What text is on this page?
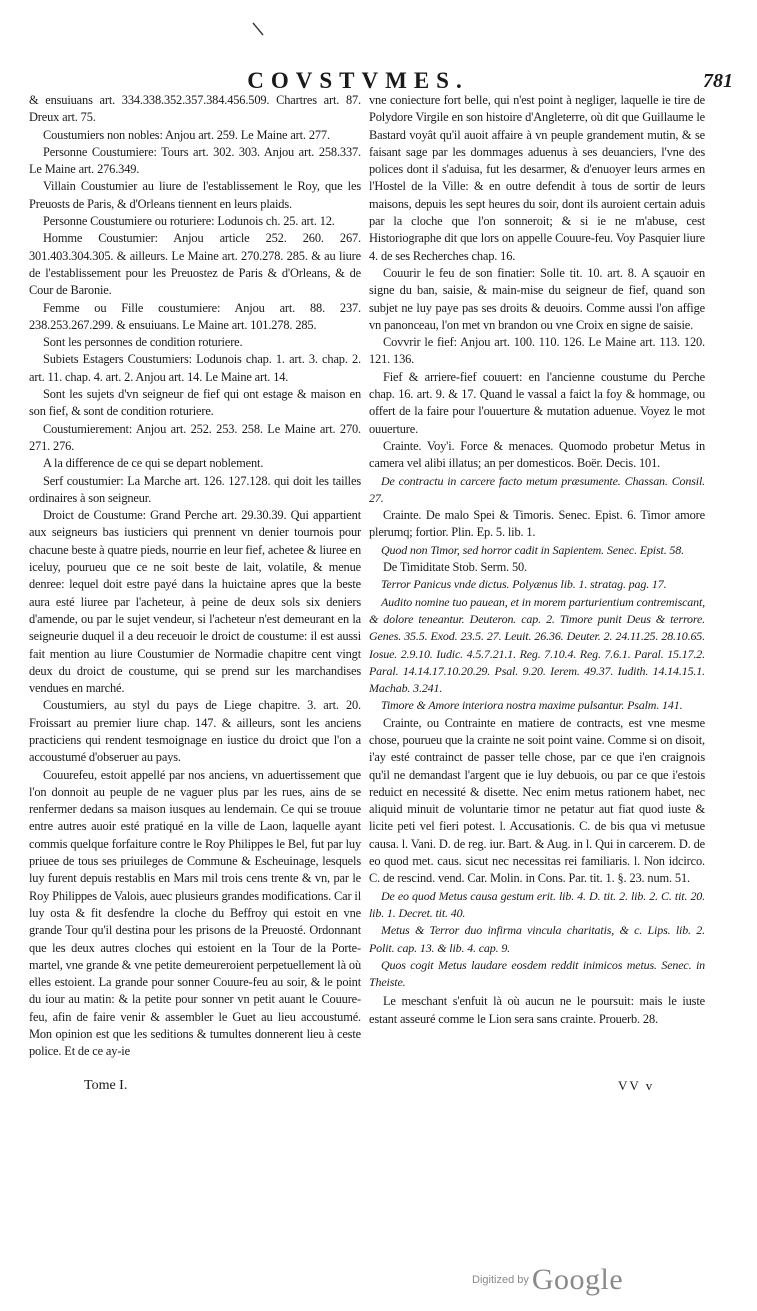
COVSTVMES.	781

& ensuiuans art. 334.338.352.357.384.456.509. Chartres art. 87. Dreux art. 75.

Coustumiers non nobles: Anjou art. 259. Le Maine art. 277.

Personne Coustumiere: Tours art. 302. 303. Anjou art. 258.337. Le Maine art. 276.349.

Villain Coustumier au liure de l'establissement le Roy, que les Preuosts de Paris, & d'Orleans tiennent en leurs plaids.

Personne Coustumiere ou roturiere: Lodunois ch. 25. art. 12.

Homme Coustumier: Anjou article 252. 260. 267. 301.403.304.305. & ailleurs. Le Maine art. 270.278. 285. & au liure de l'establissement pour les Preuostez de Paris & d'Orleans, & de Cour de Baronie.

Femme ou Fille coustumiere: Anjou art. 88. 237. 238.253.267.299. & ensuiuans. Le Maine art. 101.278. 285.

Sont les personnes de condition roturiere.

Subiets Estagers Coustumiers: Lodunois chap. 1. art. 3. chap. 2. art. 11. chap. 4. art. 2. Anjou art. 14. Le Maine art. 14.

Sont les sujets d'vn seigneur de fief qui ont estage & maison en son fief, & sont de condition roturiere.

Coustumierement: Anjou art. 252. 253. 258. Le Maine art. 270. 271. 276.

A la difference de ce qui se depart noblement.

Serf coustumier: La Marche art. 126. 127.128. qui doit les tailles ordinaires à son seigneur.

Droict de Coustume: Grand Perche art. 29.30.39. Qui appartient aux seigneurs bas iusticiers qui prennent vn denier tournois pour chacune beste à quatre pieds, nourrie en leur fief, achetee & liuree en iceluy, pourueu que ce ne soit beste de lait, volatile, & menue denree: lequel doit estre payé dans la huictaine apres que la beste aura esté liuree par l'acheteur, à peine de deux sols six deniers d'amende, ou par le sujet vendeur, si l'acheteur n'est demeurant en la seigneurie duquel il a deu receuoir le droict de coustume: il est aussi fait mention au liure Coustumier de Normadie chapitre cent vingt deux du droict de coustume, qui se prend sur les marchandises vendues en marché.

Coustumiers, au styl du pays de Liege chapitre. 3. art. 20. Froissart au premier liure chap. 147. & ailleurs, sont les anciens practiciens qui rendent tesmoignage en iustice du droict que l'on a accoustumé d'obseruer au pays.

Couurefeu, estoit appellé par nos anciens, vn aduertissement que l'on donnoit au peuple de ne vaguer plus par les rues, ains de se renfermer dedans sa maison iusques au lendemain. Ce qui se trouue entre autres auoir esté pratiqué en la ville de Laon, laquelle ayant commis quelque forfaiture contre le Roy Philippes le Bel, fut par luy priuee de tous ses priuileges de Commune & Escheuinage, lesquels luy furent depuis restablis en Mars mil trois cens trente & vn, par le Roy Philippes de Valois, auec plusieurs grandes modifications. Car il luy osta & fit desfendre la cloche du Beffroy qui estoit en vne grande Tour qu'il destina pour les prisons de la Preuosté. Ordonnant que les deux autres cloches qui estoient en la Tour de la Porte-martel, vne grande & vne petite demeureroient perpetuellement là où elles estoient. La grande pour sonner Couure-feu au soir, & le point du iour au matin: & la petite pour sonner vn petit auant le Couure-feu, afin de faire venir & assembler le Guet au lieu accoustumé. Mon opinion est que les seditions & tumultes donnerent lieu à ceste police. Et de ce ay-ie

vne coniecture fort belle, qui n'est point à negliger, laquelle ie tire de Polydore Virgile en son histoire d'Angleterre, où dit que Guillaume le Bastard voyât qu'il auoit affaire à vn peuple grandement mutin, & se faisant sage par les dommages aduenus à ses deuanciers, l'vne des polices dont il s'aduisa, fut les desarmer, & d'enuoyer leurs armes en l'Hostel de la Ville: & en outre defendit à tous de sortir de leurs maisons, depuis les sept heures du soir, dont ils auroient certain aduis par la cloche que l'on sonneroit; & si ie ne m'abuse, cest Historiographe dit que lors on appelle Couure-feu. Voy Pasquier liure 4. de ses Recherches chap. 16.

Couurir le feu de son finatier: Solle tit. 10. art. 8. A sçauoir en signe du ban, saisie, & main-mise du seigneur de fief, quand son subjet ne luy paye pas ses droits & deuoirs. Comme aussi l'on affige vn panonceau, l'on met vn brandon ou vne Croix en signe de saisie.

Covvrir le fief: Anjou art. 100. 110. 126. Le Maine art. 113. 120. 121. 136.

Fief & arriere-fief couuert: en l'ancienne coustume du Perche chap. 16. art. 9. & 17. Quand le vassal a faict la foy & hommage, ou offert de la faire pour l'ouuerture & mutation aduenue. Voyez le mot ouuerture.

Crainte. Voy'i. Force & menaces. Quomodo probetur Metus in camera vel alibi illatus; an per domesticos. Boër. Decis. 101.

De contractu in carcere facto metum præsumente. Chassan. Consil. 27.

Crainte. De malo Spei & Timoris. Senec. Epist. 6. Timor amore plerumq; fortior. Plin. Ep. 5. lib. 1.

Quod non Timor, sed horror cadit in Sapientem. Senec. Epist. 58.

De Timiditate Stob. Serm. 50.

Terror Panicus vnde dictus. Polyænus lib. 1. stratag. pag. 17.

Audito nomine tuo pauean, et in morem parturientium contremiscant, & dolore teneantur. Deuteron. cap. 2. Timore punit Deus & terrore. Genes. 35.5. Exod. 23.5. 27. Leuit. 26.36. Deuter. 2. 24.11.25. 28.10.65. Iosue. 2.9.10. Iudic. 4.5.7.21.1. Reg. 7.10.4. Reg. 7.6.1. Paral. 15.17.2. Paral. 14.14.17.10.20.29. Psal. 9.20. Ierem. 49.37. Iudith. 14.14.15.1. Machab. 3.241.

Timore & Amore interiora nostra maxime pulsantur. Psalm. 141.

Crainte, ou Contrainte en matiere de contracts, est vne mesme chose, pourueu que la crainte ne soit point vaine. Comme si on disoit, i'ay esté contrainct de passer telle chose, par ce que i'en craignois qu'il ne demandast l'argent que ie luy debuois, ou par ce que i'estois reduict en necessité & disette. Nec enim metus rationem habet, nec aliquid minuit de voluntarie timor ne petatur aut fiat quod iuste & licite peti vel fieri potest. l. Accusationis. C. de bis qua vi metusue causa. l. Vani. D. de reg. iur. Bart. & Aug. in l. Qui in carcerem. D. de eo quod met. caus. sicut nec necessitas rei familiaris. l. Non idcirco. C. de rescind. vend. Car. Molin. in Cons. Par. tit. 1. §. 23. num. 51.

De eo quod Metus causa gestum erit. lib. 4. D. tit. 2. lib. 2. C. tit. 20. lib. 1. Decret. tit. 40.

Metus & Terror duo infirma vincula charitatis, & c. Lips. lib. 2. Polit. cap. 13. & lib. 4. cap. 9.

Quos cogit Metus laudare eosdem reddit inimicos metus. Senec. in Theiste.

Le meschant s'enfuit là où aucun ne le poursuit: mais le iuste estant asseuré comme le Lion sera sans crainte. Prouerb. 28.

Tome I.	VV v
Digitized by Google
